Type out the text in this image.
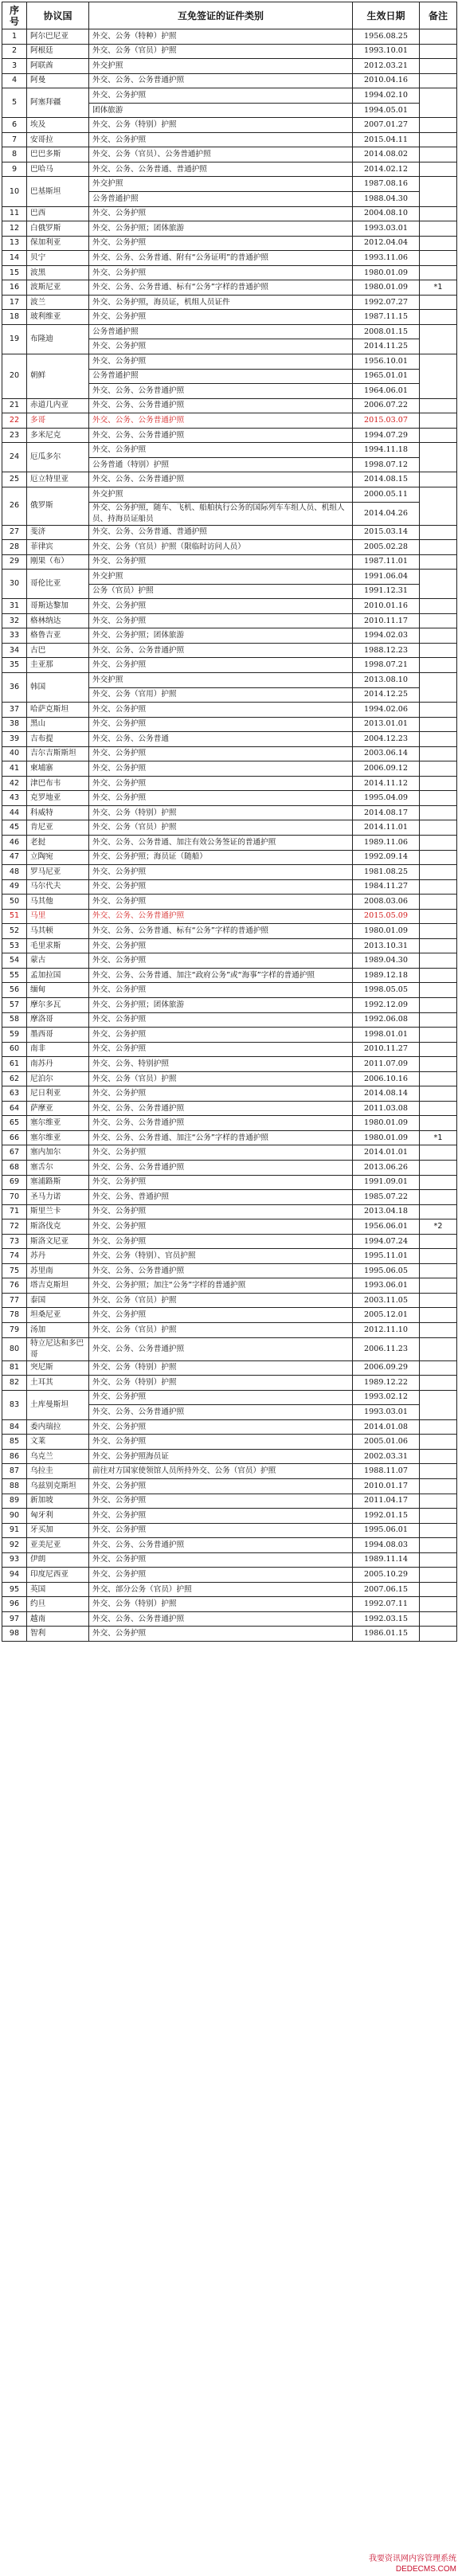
序号	协议国	互免签证的证件类别	生效日期	备注
1	阿尔巴尼亚	外交、公务（特种）护照	1956.08.25	
2	阿根廷	外交、公务（官员）护照	1993.10.01	
3	阿联酋	外交护照	2012.03.21	
4	阿曼	外交、公务、公务普通护照	2010.04.16	
5	阿塞拜疆	外交、公务护照	1994.02.10	
		团体旅游	1994.05.01	
6	埃及	外交、公务（特别）护照	2007.01.27	
7	安哥拉	外交、公务护照	2015.04.11	
8	巴巴多斯	外交、公务（官员）、公务普通护照	2014.08.02	
9	巴哈马	外交、公务、公务普通、普通护照	2014.02.12	
10	巴基斯坦	外交护照	1987.08.16	
		公务普通护照	1988.04.30	
11	巴西	外交、公务护照	2004.08.10	
12	白俄罗斯	外交、公务护照；团体旅游	1993.03.01	
13	保加利亚	外交、公务护照	2012.04.04	
14	贝宁	外交、公务、公务普通、附有“公务证明”的普通护照	1993.11.06	
15	波黑	外交、公务护照	1980.01.09	
16	波斯尼亚	外交、公务、公务普通、标有“公务”字样的普通护照	1980.01.09	*1
17	波兰	外交、公务护照，海员证，机组人员证件	1992.07.27	
18	玻利维亚	外交、公务护照	1987.11.15	
19	布隆迪	公务普通护照	2008.01.15	
		外交、公务护照	2014.11.25	
20	朝鲜	外交、公务护照	1956.10.01	
		公务普通护照	1965.01.01	
		外交、公务、公务普通护照	1964.06.01	
21	赤道几内亚	外交、公务、公务普通护照	2006.07.22	
22	多哥	外交、公务、公务普通护照	2015.03.07	
23	多米尼克	外交、公务、公务普通护照	1994.07.29	
24	厄瓜多尔	外交、公务护照	1994.11.18	
		公务普通（特别）护照	1998.07.12	
25	厄立特里亚	外交、公务、公务普通护照	2014.08.15	
26	俄罗斯	外交护照	2000.05.11	
		外交、公务护照，随车、飞机、船舶执行公务的国际列车车组人员、机组人员、持海员证船员	2014.04.26	
27	斐济	外交、公务、公务普通、普通护照	2015.03.14	
28	菲律宾	外交、公务（官员）护照（限临时访问人员）	2005.02.28	
29	刚果（布）	外交、公务护照	1987.11.01	
30	哥伦比亚	外交护照	1991.06.04	
		公务（官员）护照	1991.12.31	
31	哥斯达黎加	外交、公务护照	2010.01.16	
32	格林纳达	外交、公务护照	2010.11.17	
33	格鲁吉亚	外交、公务护照；团体旅游	1994.02.03	
34	古巴	外交、公务、公务普通护照	1988.12.23	
35	圭亚那	外交、公务护照	1998.07.21	
36	韩国	外交护照	2013.08.10	
		外交、公务（官用）护照	2014.12.25	
37	哈萨克斯坦	外交、公务护照	1994.02.06	
38	黑山	外交、公务护照	2013.01.01	
39	吉布提	外交、公务、公务普通	2004.12.23	
40	吉尔吉斯斯坦	外交、公务护照	2003.06.14	
41	柬埔寨	外交、公务护照	2006.09.12	
42	津巴布韦	外交、公务护照	2014.11.12	
43	克罗地亚	外交、公务护照	1995.04.09	
44	科威特	外交、公务（特别）护照	2014.08.17	
45	肯尼亚	外交、公务（官员）护照	2014.11.01	
46	老挝	外交、公务、公务普通、加注有效公务签证的普通护照	1989.11.06	
47	立陶宛	外交、公务护照；海员证（随船）	1992.09.14	
48	罗马尼亚	外交、公务护照	1981.08.25	
49	马尔代夫	外交、公务护照	1984.11.27	
50	马其他	外交、公务护照	2008.03.06	
51	马里	外交、公务、公务普通护照	2015.05.09	
52	马其顿	外交、公务、公务普通、标有“公务”字样的普通护照	1980.01.09	
53	毛里求斯	外交、公务护照	2013.10.31	
54	蒙古	外交、公务护照	1989.04.30	
55	孟加拉国	外交、公务、公务普通、加注“政府公务”或“海事”字样的普通护照	1989.12.18	
56	缅甸	外交、公务护照	1998.05.05	
57	摩尔多瓦	外交、公务护照；团体旅游	1992.12.09	
58	摩洛哥	外交、公务护照	1992.06.08	
59	墨西哥	外交、公务护照	1998.01.01	
60	南非	外交、公务护照	2010.11.27	
61	南苏丹	外交、公务、特别护照	2011.07.09	
62	尼泊尔	外交、公务（官员）护照	2006.10.16	
63	尼日利亚	外交、公务护照	2014.08.14	
64	萨摩亚	外交、公务、公务普通护照	2011.03.08	
65	塞尔维亚	外交、公务、公务普通护照	1980.01.09	
66	塞尔维亚	外交、公务、公务普通、加注“公务”字样的普通护照	1980.01.09	*1
67	塞内加尔	外交、公务护照	2014.01.01	
68	塞舌尔	外交、公务、公务普通护照	2013.06.26	
69	塞浦路斯	外交、公务护照	1991.09.01	
70	圣马力诺	外交、公务、普通护照	1985.07.22	
71	斯里兰卡	外交、公务护照	2013.04.18	
72	斯洛伐克	外交、公务护照	1956.06.01	*2
73	斯洛文尼亚	外交、公务护照	1994.07.24	
74	苏丹	外交、公务（特别）、官员护照	1995.11.01	
75	苏里南	外交、公务、公务普通护照	1995.06.05	
76	塔吉克斯坦	外交、公务护照；加注“公务”字样的普通护照	1993.06.01	
77	泰国	外交、公务（官员）护照	2003.11.05	
78	坦桑尼亚	外交、公务护照	2005.12.01	
79	汤加	外交、公务（官员）护照	2012.11.10	
80	特立尼达和多巴哥	外交、公务、公务普通护照	2006.11.23	
81	突尼斯	外交、公务（特别）护照	2006.09.29	
82	土耳其	外交、公务（特别）护照	1989.12.22	
83	土库曼斯坦	外交、公务护照	1993.02.12	
		外交、公务、公务普通护照	1993.03.01	
84	委内瑞拉	外交、公务护照	2014.01.08	
85	文莱	外交、公务护照	2005.01.06	
86	乌克兰	外交、公务护照海员证	2002.03.31	
87	乌拉圭	前往对方国家使领馆人员所持外交、公务（官员）护照	1988.11.07	
88	乌兹别克斯坦	外交、公务护照	2010.01.17	
89	新加坡	外交、公务护照	2011.04.17	
90	匈牙利	外交、公务护照	1992.01.15	
91	牙买加	外交、公务护照	1995.06.01	
92	亚美尼亚	外交、公务、公务普通护照	1994.08.03	
93	伊朗	外交、公务护照	1989.11.14	
94	印度尼西亚	外交、公务护照	2005.10.29	
95	英国	外交、部分公务（官员）护照	2007.06.15	
96	约旦	外交、公务（特别）护照	1992.07.11	
97	越南	外交、公务、公务普通护照	1992.03.15	
98	智利	外交、公务护照	1986.01.15	
我要资讯网内容管理系统
DEDECMS.COM
